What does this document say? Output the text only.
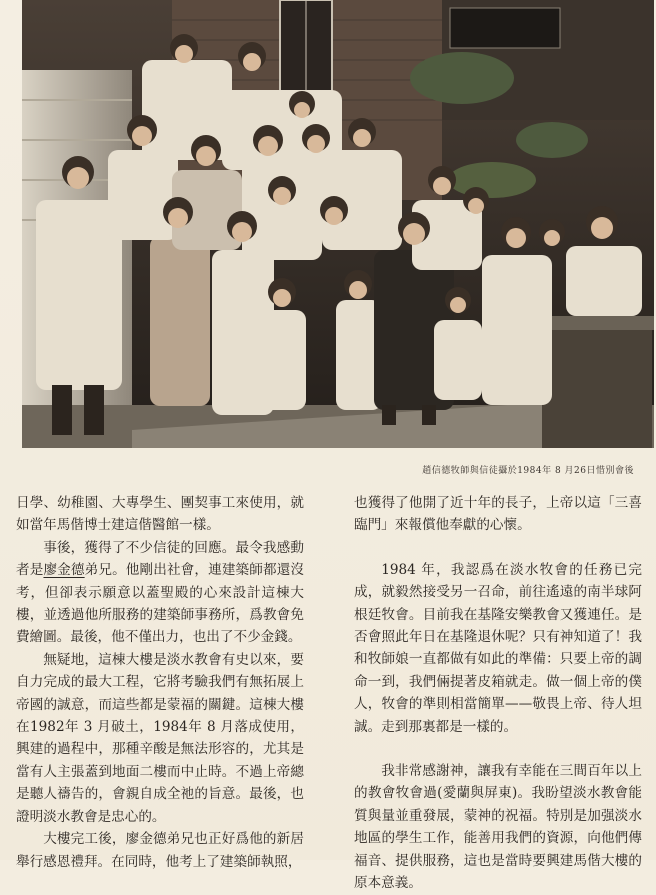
趙信德牧師與信徒攝於1984年 8 月26日惜別會後

日學、幼稚園、大專學生、團契事工來使用，就如當年馬偕博士建這偕醫館一樣。

事後，獲得了不少信徒的回應。最令我感動者是廖金德弟兄。他剛出社會，連建築師都還沒考，但卻表示願意以蓋聖殿的心來設計這棟大樓，並透過他所服務的建築師事務所，爲教會免費繪圖。最後，他不僅出力，也出了不少金錢。

無疑地，這棟大樓是淡水教會有史以來，要自力完成的最大工程，它將考驗我們有無拓展上帝國的誠意，而這些都是蒙福的關鍵。這棟大樓在1982年 3 月破土，1984年 8 月落成使用，興建的過程中，那種辛酸是無法形容的，尤其是當有人主張蓋到地面二樓而中止時。不過上帝總是聽人禱告的，會親自成全祂的旨意。最後，也證明淡水教會是忠心的。

大樓完工後，廖金德弟兄也正好爲他的新居舉行感恩禮拜。在同時，他考上了建築師執照，

也獲得了他開了近十年的長子，上帝以這「三喜臨門」來報償他奉獻的心懷。

1984 年，我認爲在淡水牧會的任務已完成，就毅然接受另一召命，前往遙遠的南半球阿根廷牧會。目前我在基隆安樂教會又獲連任。是否會照此年日在基隆退休呢？只有神知道了！我和牧師娘一直都做有如此的準備：只要上帝的調命一到，我們倆提著皮箱就走。做一個上帝的僕人，牧會的準則相當簡單——敬畏上帝、待人坦誠。走到那裏都是一樣的。

我非常感謝神，讓我有幸能在三間百年以上的教會牧會過(愛蘭與屏東)。我盼望淡水教會能質與量並重發展，蒙神的祝福。特別是加强淡水地區的學生工作，能善用我們的資源，向他們傳福音、提供服務，這也是當時要興建馬偕大樓的原本意義。
